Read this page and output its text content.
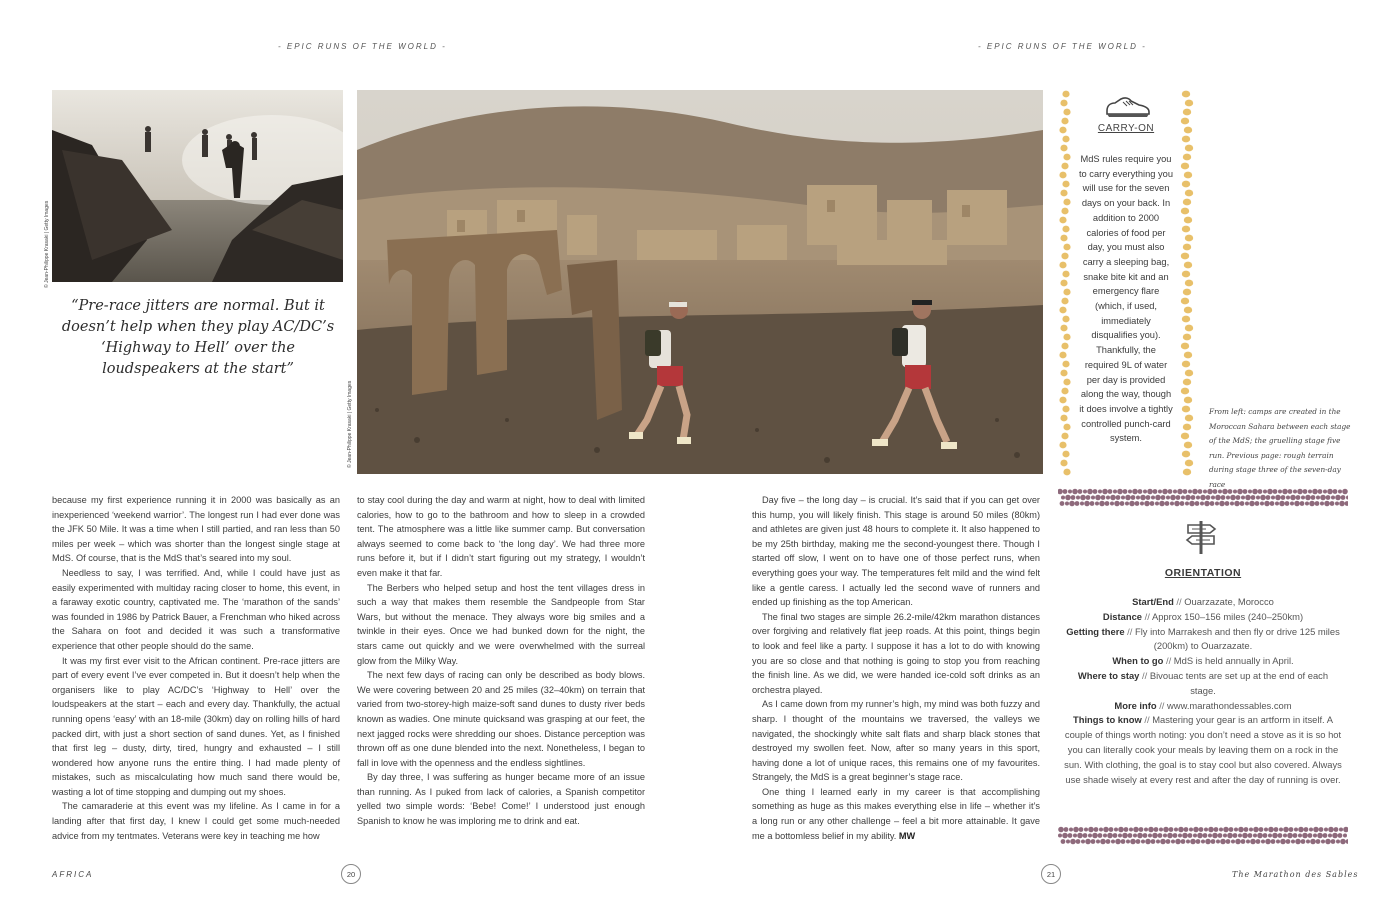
- EPIC RUNS OF THE WORLD -	- EPIC RUNS OF THE WORLD -
© Jean-Philippe Krasaki | Getty Images
“Pre-race jitters are normal. But it doesn’t help when they play AC/DC’s ‘Highway to Hell’ over the loudspeakers at the start”
© Jean-Philippe Krasaki | Getty Images

because my first experience running it in 2000 was basically as an inexperienced ‘weekend warrior’. The longest run I had ever done was the JFK 50 Mile. It was a time when I still partied, and ran less than 50 miles per week – which was shorter than the longest single stage at MdS. Of course, that is the MdS that’s seared into my soul.

Needless to say, I was terrified. And, while I could have just as easily experimented with multiday racing closer to home, this event, in a faraway exotic country, captivated me. The ‘marathon of the sands’ was founded in 1986 by Patrick Bauer, a Frenchman who hiked across the Sahara on foot and decided it was such a transformative experience that other people should do the same.

It was my first ever visit to the African continent. Pre-race jitters are part of every event I’ve ever competed in. But it doesn’t help when the organisers like to play AC/DC’s ‘Highway to Hell’ over the loudspeakers at the start – each and every day. Thankfully, the actual running opens ‘easy’ with an 18-mile (30km) day on rolling hills of hard packed dirt, with just a short section of sand dunes. Yet, as I finished that first leg – dusty, dirty, tired, hungry and exhausted – I still wondered how anyone runs the entire thing. I had made plenty of mistakes, such as miscalculating how much sand there would be, wasting a lot of time stopping and dumping out my shoes.

The camaraderie at this event was my lifeline. As I came in for a landing after that first day, I knew I could get some much-needed advice from my tentmates. Veterans were key in teaching me how

to stay cool during the day and warm at night, how to deal with limited calories, how to go to the bathroom and how to sleep in a crowded tent. The atmosphere was a little like summer camp. But conversation always seemed to come back to ‘the long day’. We had three more runs before it, but if I didn’t start figuring out my strategy, I wouldn’t even make it that far.

The Berbers who helped setup and host the tent villages dress in such a way that makes them resemble the Sandpeople from Star Wars, but without the menace. They always wore big smiles and a twinkle in their eyes. Once we had bunked down for the night, the stars came out quickly and we were overwhelmed with the surreal glow from the Milky Way.

The next few days of racing can only be described as body blows. We were covering between 20 and 25 miles (32–40km) on terrain that varied from two-storey-high maize-soft sand dunes to dusty river beds known as wadies. One minute quicksand was grasping at our feet, the next jagged rocks were shredding our shoes. Distance perception was thrown off as one dune blended into the next. Nonetheless, I began to fall in love with the openness and the endless sightlines.

By day three, I was suffering as hunger became more of an issue than running. As I puked from lack of calories, a Spanish competitor yelled two simple words: ‘Bebe! Come!’ I understood just enough Spanish to know he was imploring me to drink and eat.

Day five – the long day – is crucial. It’s said that if you can get over this hump, you will likely finish. This stage is around 50 miles (80km) and athletes are given just 48 hours to complete it. It also happened to be my 25th birthday, making me the second-youngest there. Though I started off slow, I went on to have one of those perfect runs, when everything goes your way. The temperatures felt mild and the wind felt like a gentle caress. I actually led the second wave of runners and ended up finishing as the top American.

The final two stages are simple 26.2-mile/42km marathon distances over forgiving and relatively flat jeep roads. At this point, things begin to look and feel like a party. I suppose it has a lot to do with knowing you are so close and that nothing is going to stop you from reaching the finish line. As we did, we were handed ice-cold soft drinks as an orchestra played.

As I came down from my runner’s high, my mind was both fuzzy and sharp. I thought of the mountains we traversed, the valleys we navigated, the shockingly white salt flats and sharp black stones that destroyed my swollen feet. Now, after so many years in this sport, having done a lot of unique races, this remains one of my favourites. Strangely, the MdS is a great beginner’s stage race.

One thing I learned early in my career is that accomplishing something as huge as this makes everything else in life – whether it’s a long run or any other challenge – feel a bit more attainable. It gave me a bottomless belief in my ability. MW

CARRY-ON
MdS rules require you to carry everything you will use for the seven days on your back. In addition to 2000 calories of food per day, you must also carry a sleeping bag, snake bite kit and an emergency flare (which, if used, immediately disqualifies you). Thankfully, the required 9L of water per day is provided along the way, though it does involve a tightly controlled punch-card system.
From left: camps are created in the Moroccan Sahara between each stage of the MdS; the gruelling stage five run. Previous page: rough terrain during stage three of the seven-day race
ORIENTATION
Start/End // Ouarzazate, Morocco
Distance // Approx 150–156 miles (240–250km)
Getting there // Fly into Marrakesh and then fly or drive 125 miles (200km) to Ouarzazate.
When to go // MdS is held annually in April.
Where to stay // Bivouac tents are set up at the end of each stage.
More info // www.marathondessables.com
Things to know // Mastering your gear is an artform in itself. A couple of things worth noting: you don’t need a stove as it is so hot you can literally cook your meals by leaving them on a rock in the sun. With clothing, the goal is to stay cool but also covered. Always use shade wisely at every rest and after the day of running is over.
AFRICA	20	21	The Marathon des Sables
